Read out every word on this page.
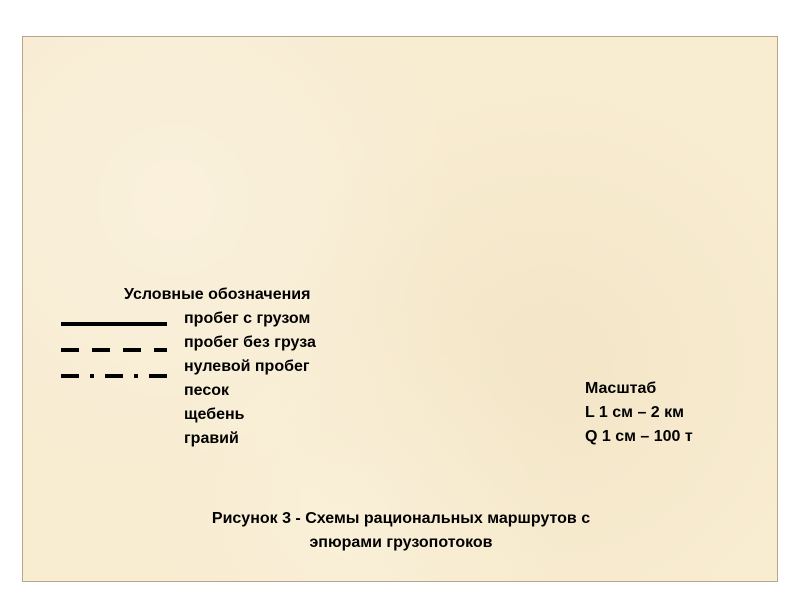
Условные обозначения
пробег с грузом
пробег без груза
нулевой пробег
песок
щебень
гравий
Масштаб
L 1 см – 2 км
Q 1 см – 100 т
Рисунок 3 - Схемы рациональных маршрутов с
эпюрами грузопотоков
